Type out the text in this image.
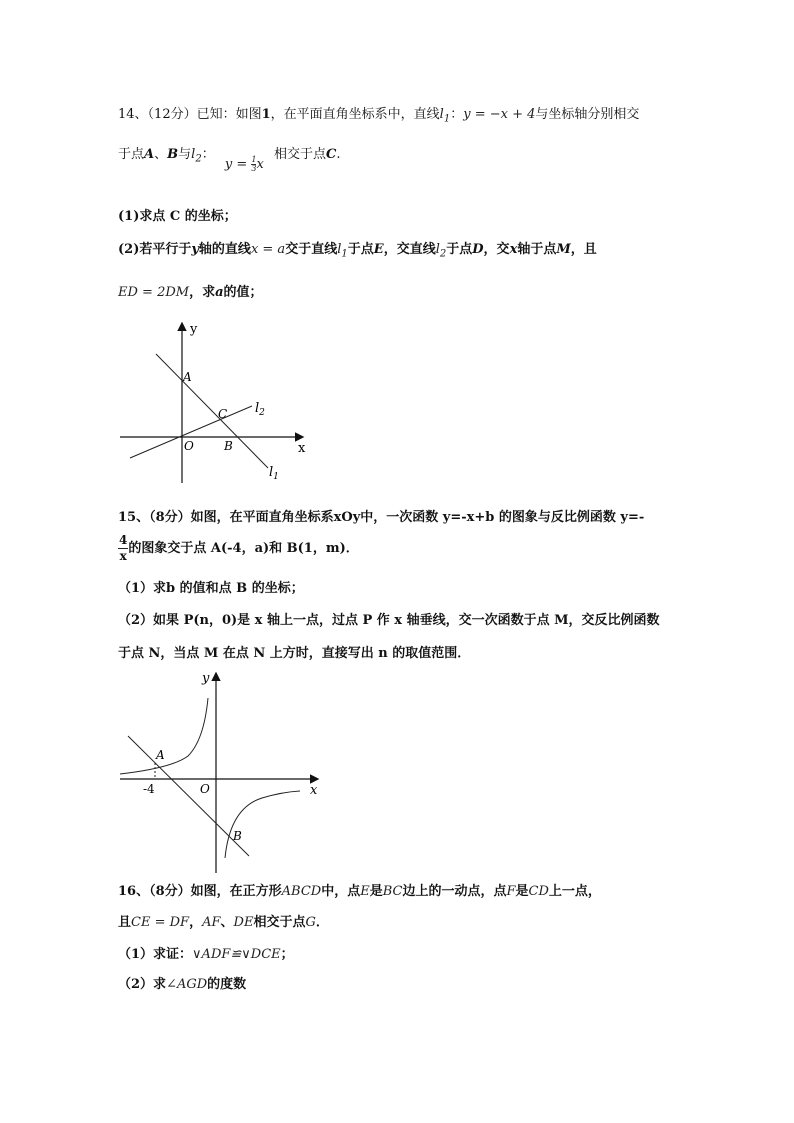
14、（12分）已知：如图1，在平面直角坐标系中，直线$l_1$：y = −x + 4与坐标轴分别相交
于点A、B与$l_2$： $y = \frac{1}{3}$ x 相交于点C.
(1)求点 C 的坐标；
(2)若平行于y轴的直线x = a交于直线$l_1$于点E，交直线$l_2$于点D，交x轴于点M，且
ED = 2DM，求a的值；
y
x
A
C
O	B
$l_2$
$l_1$
15、（8分）如图，在平面直角坐标系xOy中，一次函数 y=-x+b 的图象与反比例函数 y=-
$\frac{4}{x}$ 的图象交于点 A(-4，a)和 B(1，m)．
（1）求b 的值和点 B 的坐标；
（2）如果 P(n，0)是 x 轴上一点，过点 P 作 x 轴垂线，交一次函数于点 M，交反比例函数
于点 N，当点 M 在点 N 上方时，直接写出 n 的取值范围．
y
x
A
O
B
-4
16、（8分）如图，在正方形ABCD中，点E是BC边上的一动点，点F是CD上一点，
且CE = DF，AF、DE相交于点G．
（1）求证：∨ADF≌∨DCE；
（2）求∠AGD的度数
